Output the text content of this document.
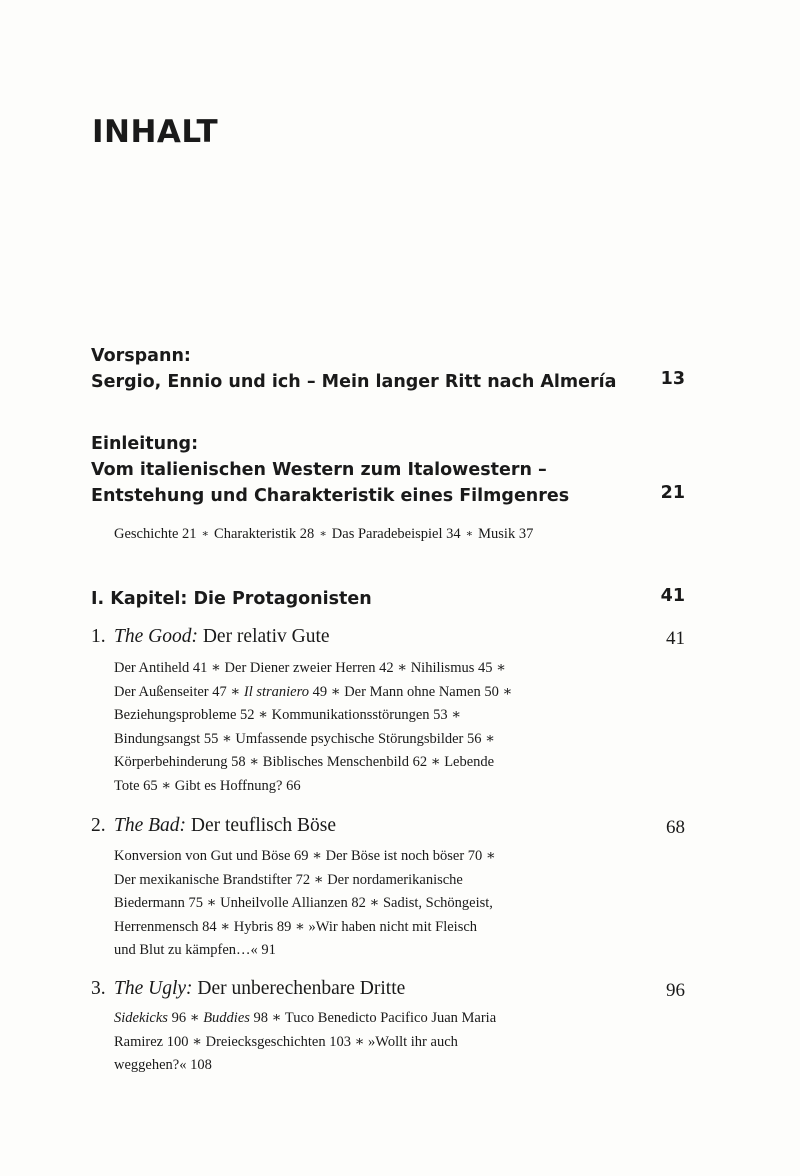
INHALT
Vorspann:
Sergio, Ennio und ich – Mein langer Ritt nach Almería	13
Einleitung:
Vom italienischen Western zum Italowestern –
Entstehung und Charakteristik eines Filmgenres	21
Geschichte 21 ∗ Charakteristik 28 ∗ Das Paradebeispiel 34 ∗ Musik 37
I. Kapitel: Die Protagonisten	41
1. The Good: Der relativ Gute	41
Der Antiheld 41 ∗ Der Diener zweier Herren 42 ∗ Nihilismus 45 ∗
Der Außenseiter 47 ∗ Il straniero 49 ∗ Der Mann ohne Namen 50 ∗
Beziehungsprobleme 52 ∗ Kommunikationsstörungen 53 ∗
Bindungsangst 55 ∗ Umfassende psychische Störungsbilder 56 ∗
Körperbehinderung 58 ∗ Biblisches Menschenbild 62 ∗ Lebende
Tote 65 ∗ Gibt es Hoffnung? 66
2. The Bad: Der teuflisch Böse	68
Konversion von Gut und Böse 69 ∗ Der Böse ist noch böser 70 ∗
Der mexikanische Brandstifter 72 ∗ Der nordamerikanische
Biedermann 75 ∗ Unheilvolle Allianzen 82 ∗ Sadist, Schöngeist,
Herrenmensch 84 ∗ Hybris 89 ∗ »Wir haben nicht mit Fleisch
und Blut zu kämpfen…« 91
3. The Ugly: Der unberechenbare Dritte	96
Sidekicks 96 ∗ Buddies 98 ∗ Tuco Benedicto Pacifico Juan Maria
Ramirez 100 ∗ Dreiecksgeschichten 103 ∗ »Wollt ihr auch
weggehen?« 108
